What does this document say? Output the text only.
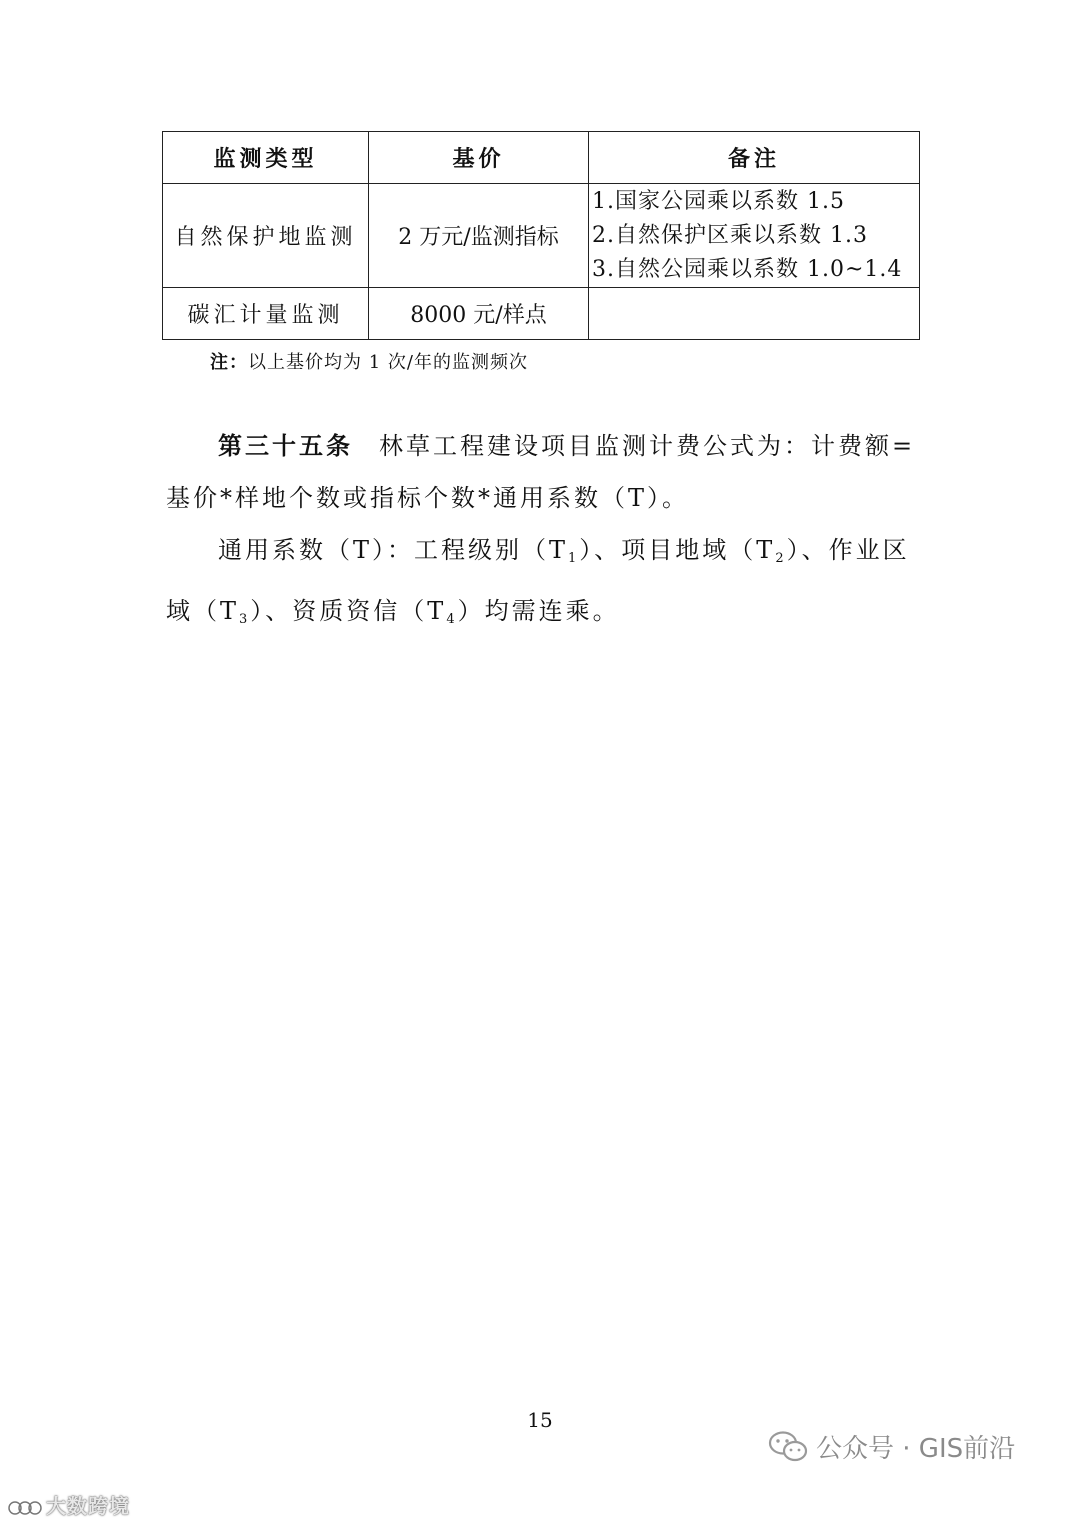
监测类型	基价	备注
自然保护地监测	2 万元/监测指标	1.国家公园乘以系数 1.5
2.自然保护区乘以系数 1.3
3.自然公园乘以系数 1.0~1.4

碳汇计量监测	8000 元/样点	
注：以上基价均为 1 次/年的监测频次
第三十五条 林草工程建设项目监测计费公式为：计费额=基价*样地个数或指标个数*通用系数（T）。
通用系数（T）：工程级别$(T_1)$、项目地域$(T_2)$、作业区域$(T_3)$、资质资信$(T_4)$均需连乘。
15
公众号 · GIS前沿
大数跨境
